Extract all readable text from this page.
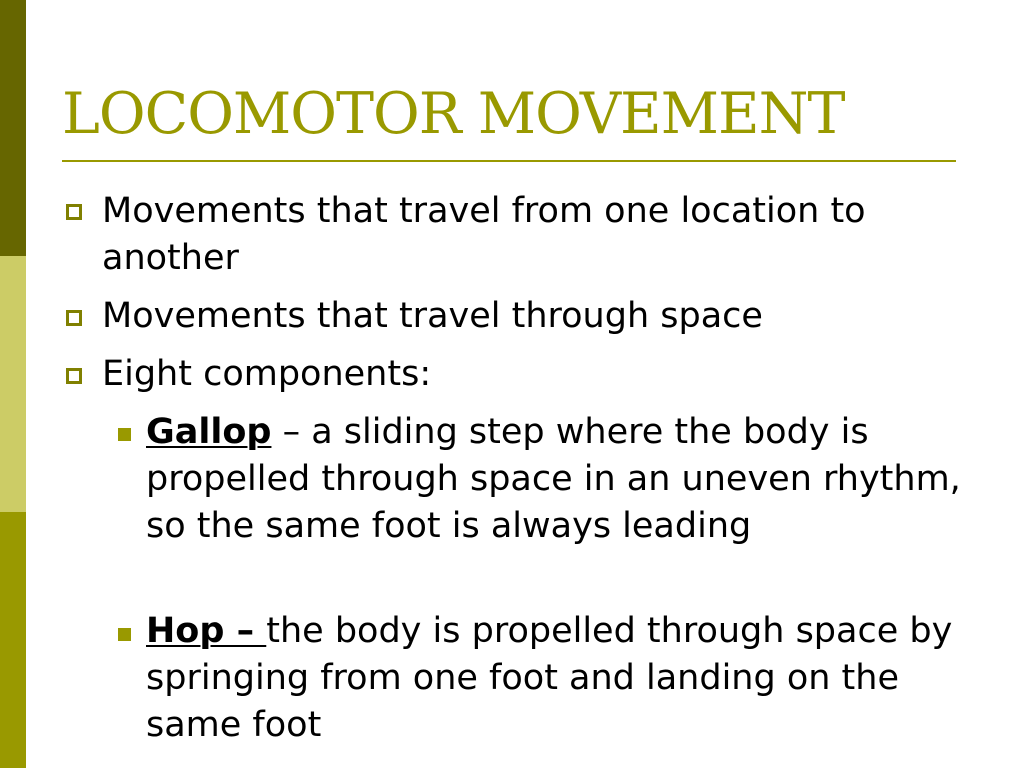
LOCOMOTOR MOVEMENT
Movements that travel from one location to another
Movements that travel through space
Eight components:
Gallop – a sliding step where the body is propelled through space in an uneven rhythm, so the same foot is always leading
Hop – the body is propelled through space by springing from one foot and landing on the same foot
